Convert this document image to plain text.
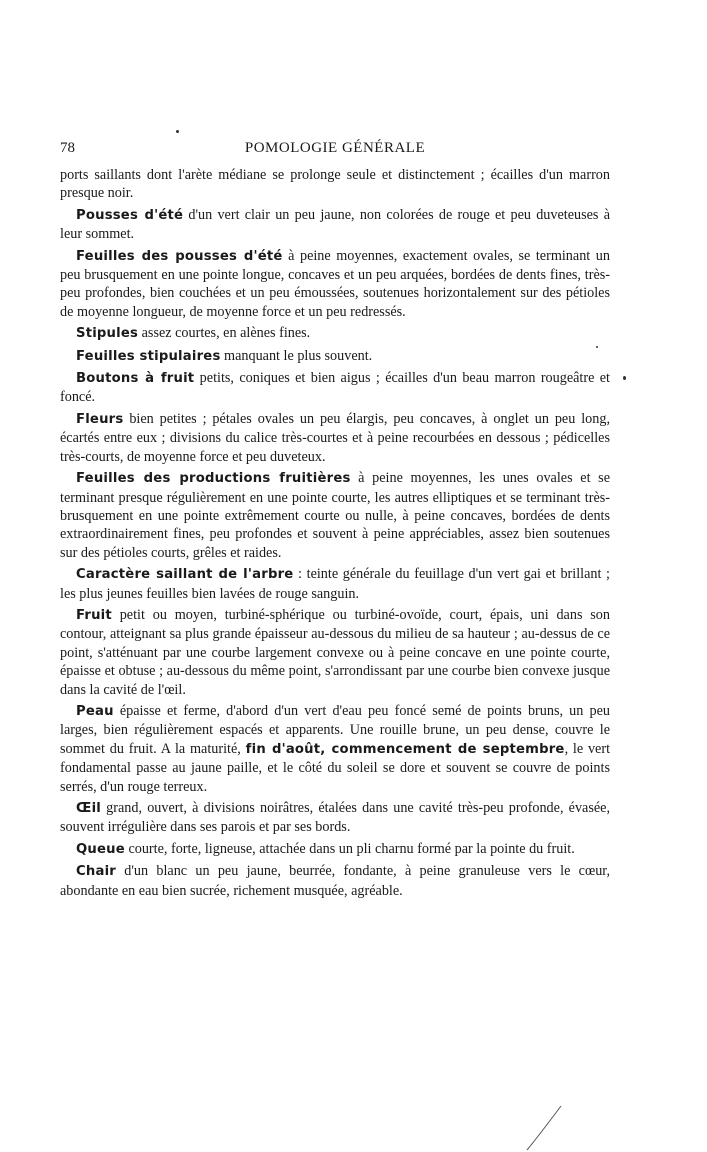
78	POMOLOGIE GÉNÉRALE

ports saillants dont l'arète médiane se prolonge seule et distinctement ; écailles d'un marron presque noir.

Pousses d'été d'un vert clair un peu jaune, non colorées de rouge et peu duveteuses à leur sommet.

Feuilles des pousses d'été à peine moyennes, exactement ovales, se terminant un peu brusquement en une pointe longue, concaves et un peu arquées, bordées de dents fines, très-peu profondes, bien couchées et un peu émoussées, soutenues horizontalement sur des pétioles de moyenne longueur, de moyenne force et un peu redressés.

Stipules assez courtes, en alènes fines.

Feuilles stipulaires manquant le plus souvent.

Boutons à fruit petits, coniques et bien aigus ; écailles d'un beau marron rougeâtre et foncé.

Fleurs bien petites ; pétales ovales un peu élargis, peu concaves, à onglet un peu long, écartés entre eux ; divisions du calice très-courtes et à peine recourbées en dessous ; pédicelles très-courts, de moyenne force et peu duveteux.

Feuilles des productions fruitières à peine moyennes, les unes ovales et se terminant presque régulièrement en une pointe courte, les autres elliptiques et se terminant très-brusquement en une pointe extrêmement courte ou nulle, à peine concaves, bordées de dents extraordinairement fines, peu profondes et souvent à peine appréciables, assez bien soutenues sur des pétioles courts, grêles et raides.

Caractère saillant de l'arbre : teinte générale du feuillage d'un vert gai et brillant ; les plus jeunes feuilles bien lavées de rouge sanguin.

Fruit petit ou moyen, turbiné-sphérique ou turbiné-ovoïde, court, épais, uni dans son contour, atteignant sa plus grande épaisseur au-dessous du milieu de sa hauteur ; au-dessus de ce point, s'atténuant par une courbe largement convexe ou à peine concave en une pointe courte, épaisse et obtuse ; au-dessous du même point, s'arrondissant par une courbe bien convexe jusque dans la cavité de l'œil.

Peau épaisse et ferme, d'abord d'un vert d'eau peu foncé semé de points bruns, un peu larges, bien régulièrement espacés et apparents. Une rouille brune, un peu dense, couvre le sommet du fruit. A la maturité, fin d'août, commencement de septembre, le vert fondamental passe au jaune paille, et le côté du soleil se dore et souvent se couvre de points serrés, d'un rouge terreux.

Œil grand, ouvert, à divisions noirâtres, étalées dans une cavité très-peu profonde, évasée, souvent irrégulière dans ses parois et par ses bords.

Queue courte, forte, ligneuse, attachée dans un pli charnu formé par la pointe du fruit.

Chair d'un blanc un peu jaune, beurrée, fondante, à peine granuleuse vers le cœur, abondante en eau bien sucrée, richement musquée, agréable.
